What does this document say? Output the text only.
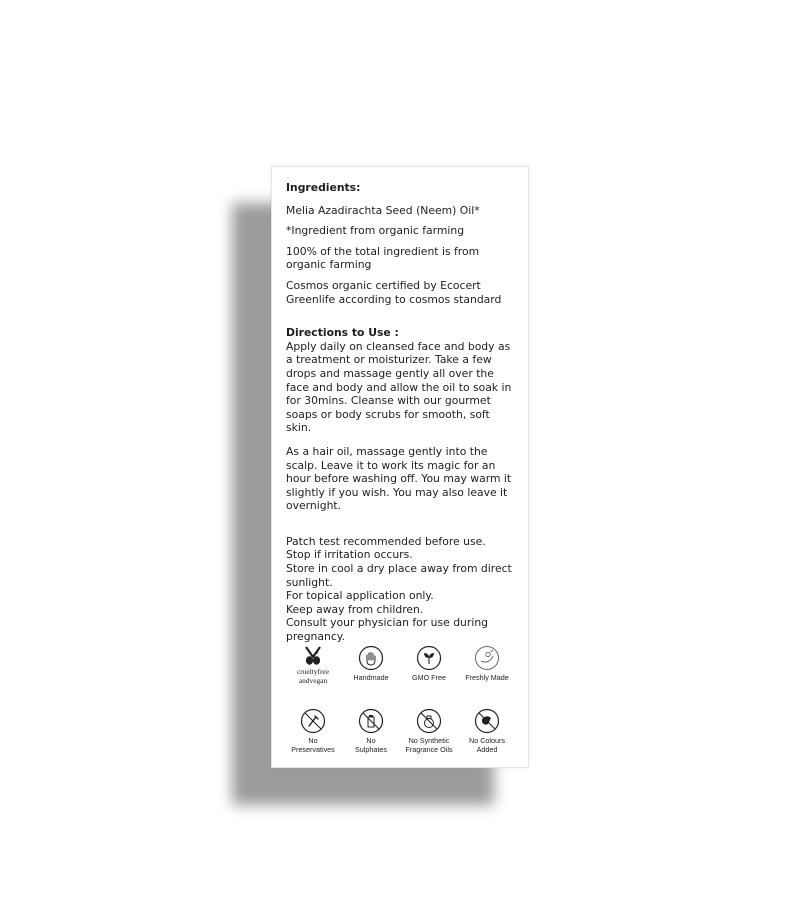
Ingredients:
Melia Azadirachta Seed (Neem) Oil*
*Ingredient from organic farming
100% of the total ingredient is from organic farming
Cosmos organic certified by Ecocert Greenlife according to cosmos standard
Directions to Use :
Apply daily on cleansed face and body as a treatment or moisturizer. Take a few drops and massage gently all over the face and body and allow the oil to soak in for 30mins. Cleanse with our gourmet soaps or body scrubs for smooth, soft skin.
As a hair oil, massage gently into the scalp. Leave it to work its magic for an hour before washing off. You may warm it slightly if you wish. You may also leave it overnight.
Patch test recommended before use.
Stop if irritation occurs.
Store in cool a dry place away from direct sunlight.
For topical application only.
Keep away from children.
Consult your physician for use during pregnancy.
crueltyfree
andvegan	Handmade	GMO Free	Freshly Made
No
Preservatives
No
Sulphates
No Synthetic
Fragrance Oils
No Colours
Added
